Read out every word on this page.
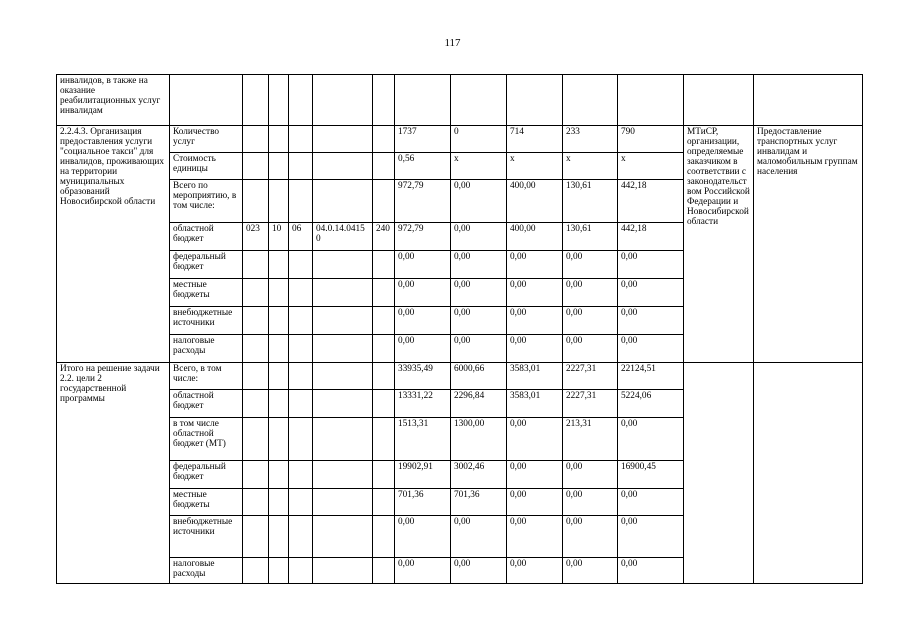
117
инвалидов, в также на оказание реабилитационных услуг инвалидам													
2.2.4.3. Организация предоставления услуги "социальное такси" для инвалидов, проживающих на территории муниципальных образований Новосибирской области	Количество услуг						1737	0	714	233	790	МТиСР, организации, определяемые заказчиком в соответствии с законодательством Российской Федерации и Новосибирской области	Предоставление транспортных услуг инвалидам и маломобильным группам населения
	Стоимость единицы						0,56	x	x	x	x		
	Всего по мероприятию, в том числе:						972,79	0,00	400,00	130,61	442,18		
	областной бюджет	023	10	06	04.0.14.04150	240	972,79	0,00	400,00	130,61	442,18		
	федеральный бюджет						0,00	0,00	0,00	0,00	0,00		
	местные бюджеты						0,00	0,00	0,00	0,00	0,00		
	внебюджетные источники						0,00	0,00	0,00	0,00	0,00		
	налоговые расходы						0,00	0,00	0,00	0,00	0,00		
Итого на решение задачи 2.2. цели 2 государственной программы	Всего, в том числе:						33935,49	6000,66	3583,01	2227,31	22124,51		
	областной бюджет						13331,22	2296,84	3583,01	2227,31	5224,06		
	в том числе областной бюджет (МТ)						1513,31	1300,00	0,00	213,31	0,00		
	федеральный бюджет						19902,91	3002,46	0,00	0,00	16900,45		
	местные бюджеты						701,36	701,36	0,00	0,00	0,00		
	внебюджетные источники						0,00	0,00	0,00	0,00	0,00		
	налоговые расходы						0,00	0,00	0,00	0,00	0,00		
